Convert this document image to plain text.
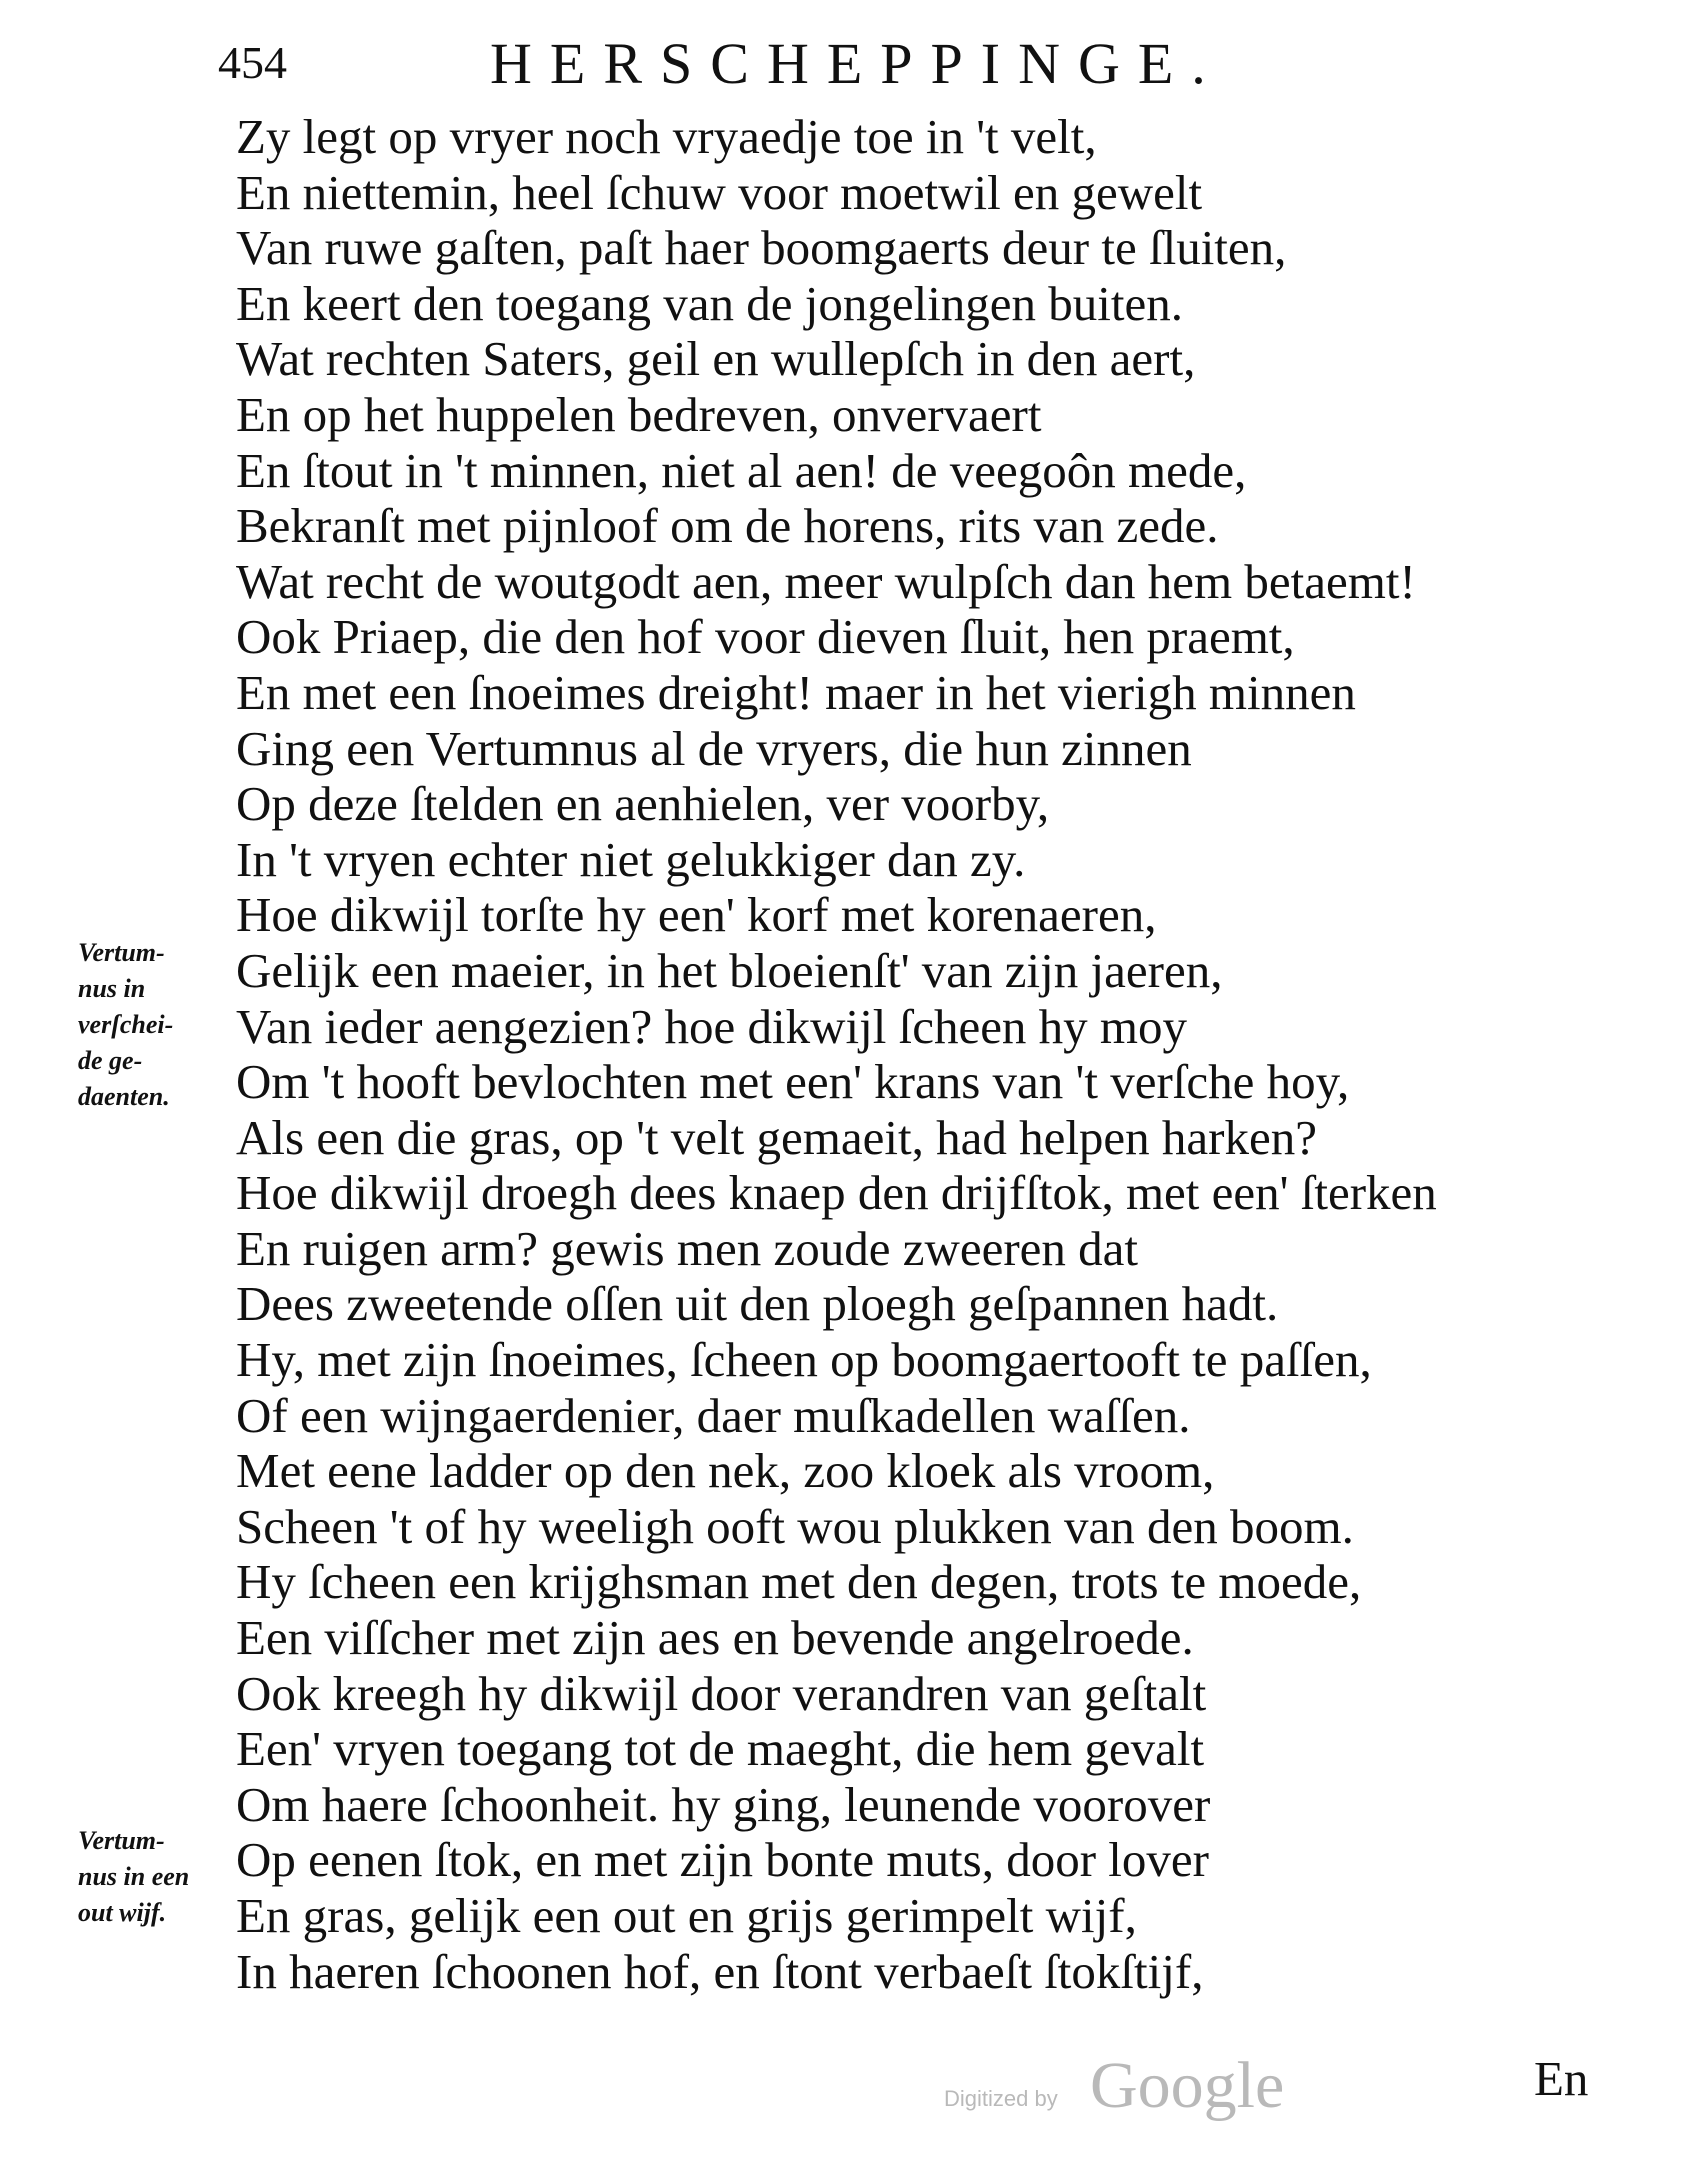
454	HERSCHEPPINGE.
Vertum-
nus in
verſchei-
de ge-
daenten.
Vertum-
nus in een
out wijf.
Zy legt op vryer noch vryaedje toe in 't velt,
En niettemin, heel ſchuw voor moetwil en gewelt
Van ruwe gaſten, paſt haer boomgaerts deur te ſluiten,
En keert den toegang van de jongelingen buiten.
Wat rechten Saters, geil en wullepſch in den aert,
En op het huppelen bedreven, onvervaert
En ſtout in 't minnen, niet al aen! de veegoôn mede,
Bekranſt met pijnloof om de horens, rits van zede.
Wat recht de woutgodt aen, meer wulpſch dan hem betaemt!
Ook Priaep, die den hof voor dieven ſluit, hen praemt,
En met een ſnoeimes dreight! maer in het vierigh minnen
Ging een Vertumnus al de vryers, die hun zinnen
Op deze ſtelden en aenhielen, ver voorby,
In 't vryen echter niet gelukkiger dan zy.
Hoe dikwijl torſte hy een' korf met korenaeren,
Gelijk een maeier, in het bloeienſt' van zijn jaeren,
Van ieder aengezien? hoe dikwijl ſcheen hy moy
Om 't hooft bevlochten met een' krans van 't verſche hoy,
Als een die gras, op 't velt gemaeit, had helpen harken?
Hoe dikwijl droegh dees knaep den drijfſtok, met een' ſterken
En ruigen arm? gewis men zoude zweeren dat
Dees zweetende oſſen uit den ploegh geſpannen hadt.
Hy, met zijn ſnoeimes, ſcheen op boomgaertooft te paſſen,
Of een wijngaerdenier, daer muſkadellen waſſen.
Met eene ladder op den nek, zoo kloek als vroom,
Scheen 't of hy weeligh ooft wou plukken van den boom.
Hy ſcheen een krijghsman met den degen, trots te moede,
Een viſſcher met zijn aes en bevende angelroede.
Ook kreegh hy dikwijl door verandren van geſtalt
Een' vryen toegang tot de maeght, die hem gevalt
Om haere ſchoonheit. hy ging, leunende voorover
Op eenen ſtok, en met zijn bonte muts, door lover
En gras, gelijk een out en grijs gerimpelt wijf,
In haeren ſchoonen hof, en ſtont verbaeſt ſtokſtijf,
Digitized by Google	En
